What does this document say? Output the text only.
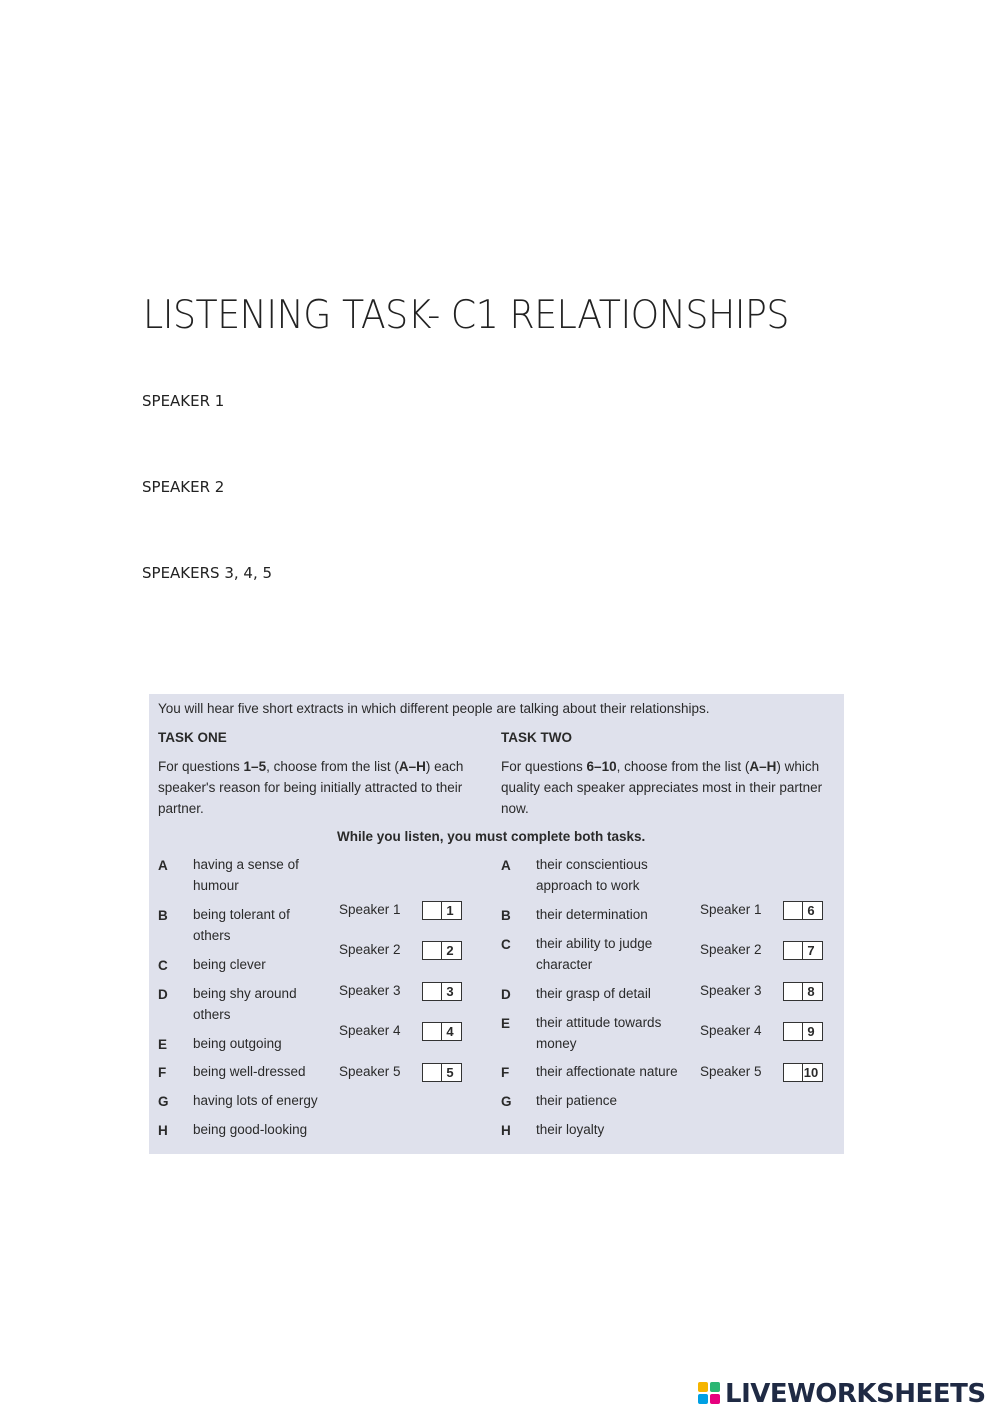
LISTENING TASK- C1 RELATIONSHIPS
SPEAKER 1
SPEAKER 2
SPEAKERS 3, 4, 5
You will hear five short extracts in which different people are talking about their relationships.
TASK ONE
For questions 1–5, choose from the list (A–H) each
speaker's reason for being initially attracted to their
partner.
TASK TWO
For questions 6–10, choose from the list (A–H) which
quality each speaker appreciates most in their partner
now.
While you listen, you must complete both tasks.
A having a sense of
humour
B being tolerant of
others
C being clever
D being shy around
others
E being outgoing
F being well-dressed
G having lots of energy
H being good-looking
Speaker 1	1
Speaker 2	2
Speaker 3	3
Speaker 4	4
Speaker 5	5
A their conscientious
approach to work
B their determination
C their ability to judge
character
D their grasp of detail
E their attitude towards
money
F their affectionate nature
G their patience
H their loyalty
Speaker 1	6
Speaker 2	7
Speaker 3	8
Speaker 4	9
Speaker 5	10
LIVEWORKSHEETS
